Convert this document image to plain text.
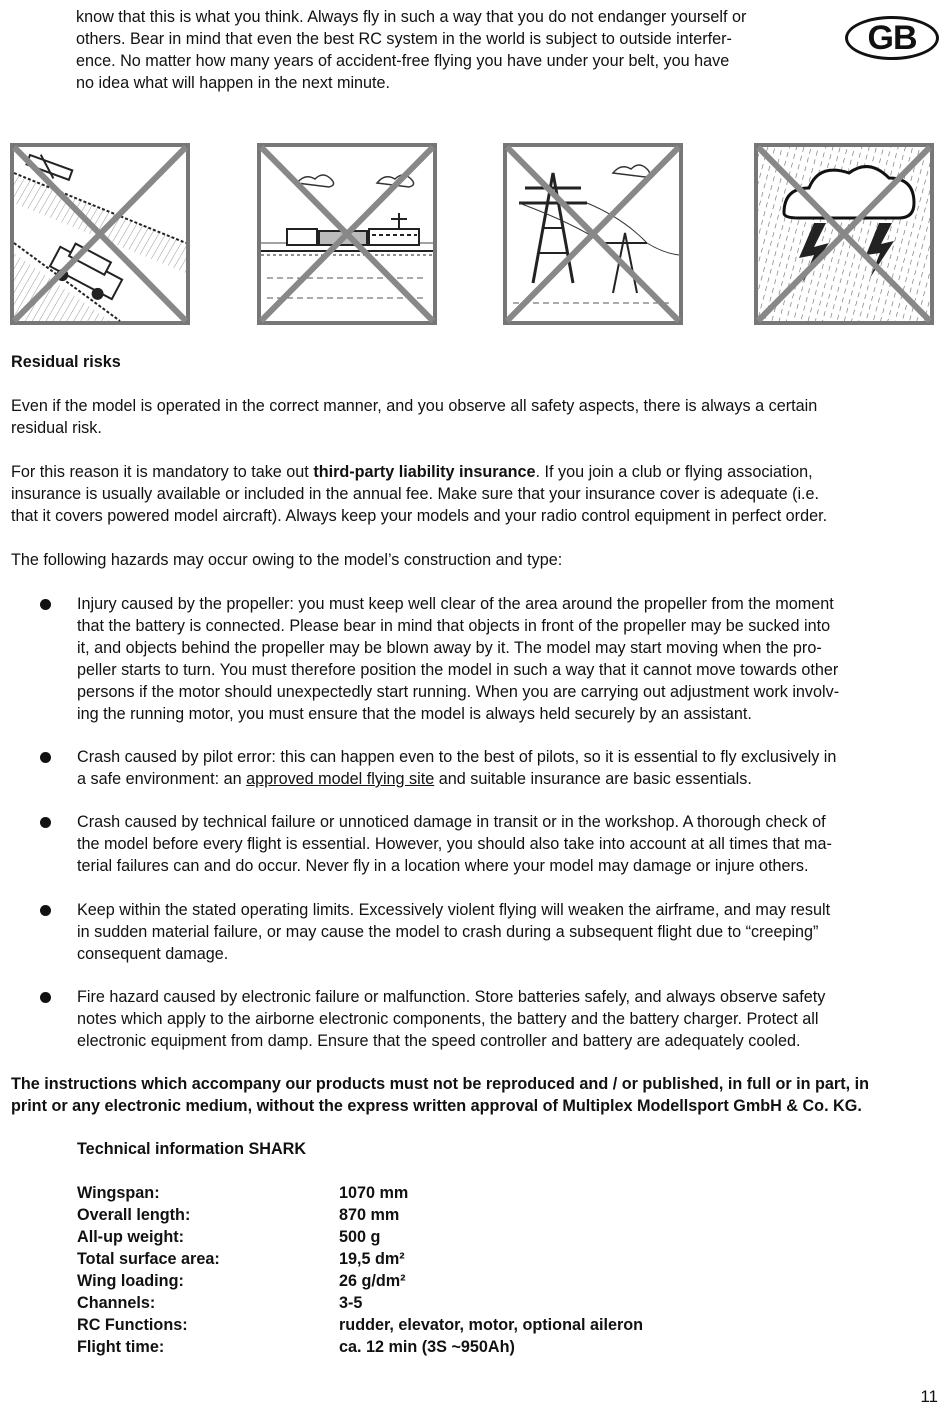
know that this is what you think. Always fly in such a way that you do not endanger yourself or
others. Bear in mind that even the best RC system in the world is subject to outside interfer-
ence. No matter how many years of accident-free flying you have under your belt, you have
no idea what will happen in the next minute.
GB
Residual risks
Even if the model is operated in the correct manner, and you observe all safety aspects, there is always a certain
residual risk.
For this reason it is mandatory to take out third-party liability insurance. If you join a club or flying association,
insurance is usually available or included in the annual fee. Make sure that your insurance cover is adequate (i.e.
that it covers powered model aircraft). Always keep your models and your radio control equipment in perfect order.
The following hazards may occur owing to the model’s construction and type:
Injury caused by the propeller: you must keep well clear of the area around the propeller from the moment
that the battery is connected. Please bear in mind that objects in front of the propeller may be sucked into
it, and objects behind the propeller may be blown away by it. The model may start moving when the pro-
peller starts to turn. You must therefore position the model in such a way that it cannot move towards other
persons if the motor should unexpectedly start running. When you are carrying out adjustment work involv-
ing the running motor, you must ensure that the model is always held securely by an assistant.
Crash caused by pilot error: this can happen even to the best of pilots, so it is essential to fly exclusively in
a safe environment: an approved model flying site and suitable insurance are basic essentials.
Crash caused by technical failure or unnoticed damage in transit or in the workshop. A thorough check of
the model before every flight is essential. However, you should also take into account at all times that ma-
terial failures can and do occur. Never fly in a location where your model may damage or injure others.
Keep within the stated operating limits. Excessively violent flying will weaken the airframe, and may result
in sudden material failure, or may cause the model to crash during a subsequent flight due to “creeping”
consequent damage.
Fire hazard caused by electronic failure or malfunction. Store batteries safely, and always observe safety
notes which apply to the airborne electronic components, the battery and the battery charger. Protect all
electronic equipment from damp. Ensure that the speed controller and battery are adequately cooled.
The instructions which accompany our products must not be reproduced and / or published, in full or in part, in
print or any electronic medium, without the express written approval of Multiplex Modellsport GmbH & Co. KG.
Technical information SHARK
Wingspan:	1070 mm
Overall length:	870 mm
All-up weight:	500 g
Total surface area:	19,5 dm²
Wing loading:	26 g/dm²
Channels:	3-5
RC Functions:	rudder, elevator, motor, optional aileron
Flight time:	ca. 12 min (3S ~950Ah)
11
